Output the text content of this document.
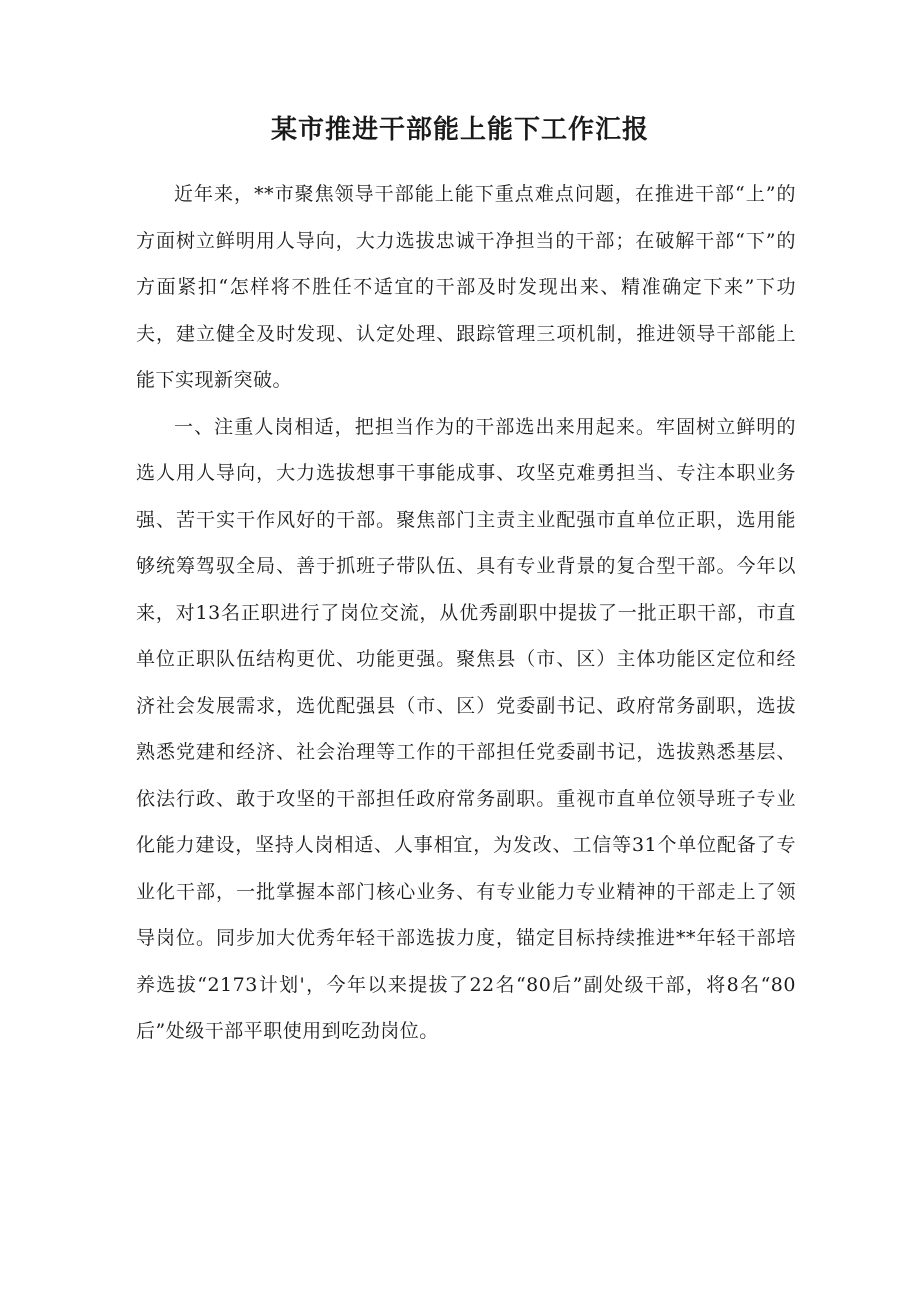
某市推进干部能上能下工作汇报

近年来，**市聚焦领导干部能上能下重点难点问题，在推进干部“上”的方面树立鲜明用人导向，大力选拔忠诚干净担当的干部；在破解干部“下”的方面紧扣“怎样将不胜任不适宜的干部及时发现出来、精准确定下来”下功夫，建立健全及时发现、认定处理、跟踪管理三项机制，推进领导干部能上能下实现新突破。

一、注重人岗相适，把担当作为的干部选出来用起来。牢固树立鲜明的选人用人导向，大力选拔想事干事能成事、攻坚克难勇担当、专注本职业务强、苦干实干作风好的干部。聚焦部门主责主业配强市直单位正职，选用能够统筹驾驭全局、善于抓班子带队伍、具有专业背景的复合型干部。今年以来，对13名正职进行了岗位交流，从优秀副职中提拔了一批正职干部，市直单位正职队伍结构更优、功能更强。聚焦县（市、区）主体功能区定位和经济社会发展需求，选优配强县（市、区）党委副书记、政府常务副职，选拔熟悉党建和经济、社会治理等工作的干部担任党委副书记，选拔熟悉基层、依法行政、敢于攻坚的干部担任政府常务副职。重视市直单位领导班子专业化能力建设，坚持人岗相适、人事相宜，为发改、工信等31个单位配备了专业化干部，一批掌握本部门核心业务、有专业能力专业精神的干部走上了领导岗位。同步加大优秀年轻干部选拔力度，锚定目标持续推进**年轻干部培养选拔“2173计划'，今年以来提拔了22名“80后”副处级干部，将8名“80后”处级干部平职使用到吃劲岗位。
